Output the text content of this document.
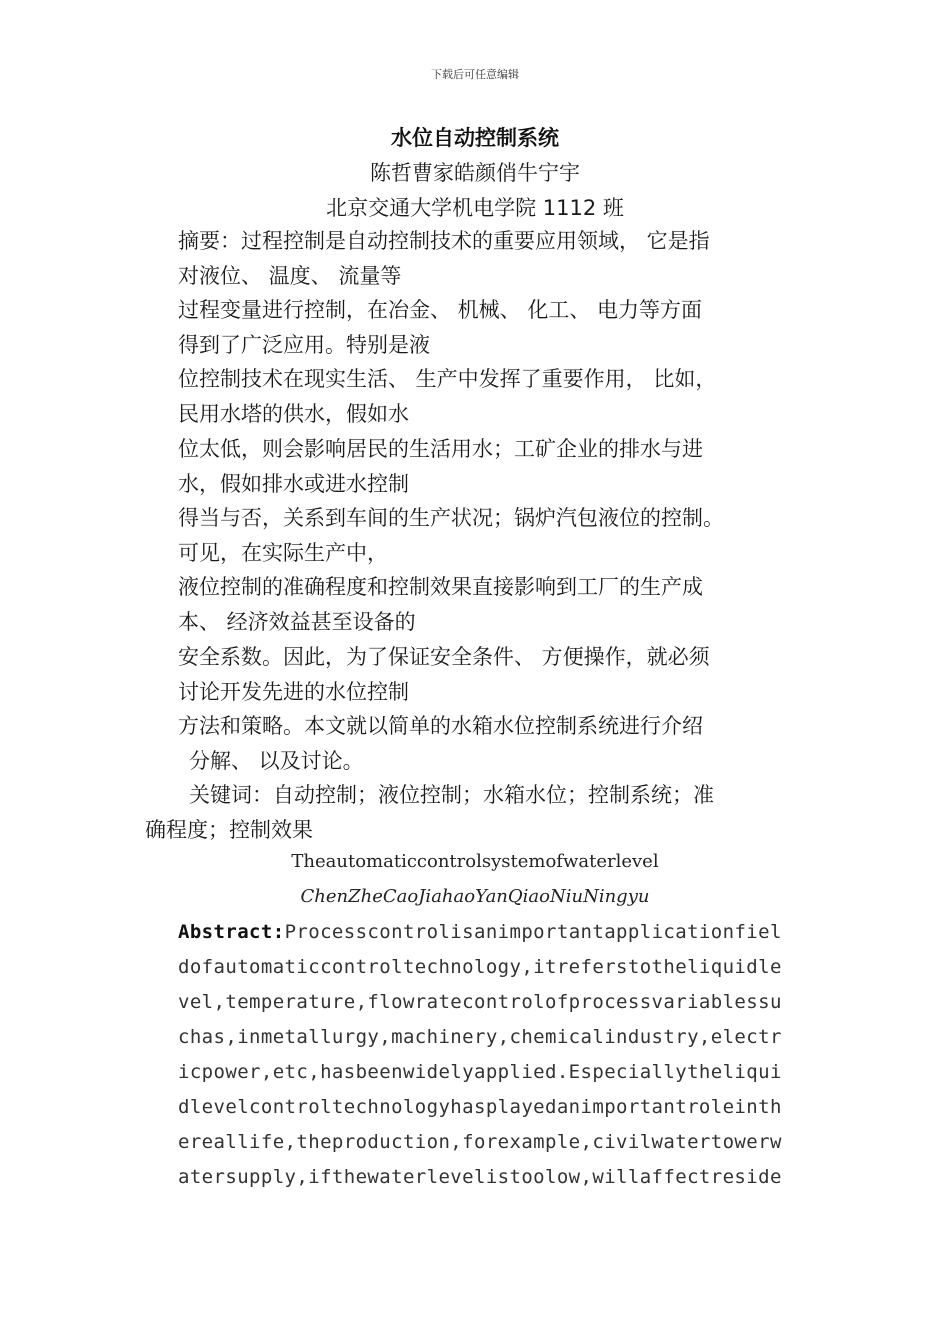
下载后可任意编辑
水位自动控制系统
陈哲曹家皓颜俏牛宁宇
北京交通大学机电学院 1112 班
摘要：过程控制是自动控制技术的重要应用领域， 它是指
对液位、 温度、 流量等
过程变量进行控制，在冶金、 机械、 化工、 电力等方面
得到了广泛应用。特别是液
位控制技术在现实生活、 生产中发挥了重要作用， 比如，
民用水塔的供水，假如水
位太低，则会影响居民的生活用水；工矿企业的排水与进
水，假如排水或进水控制
得当与否，关系到车间的生产状况；锅炉汽包液位的控制。
可见，在实际生产中，
液位控制的准确程度和控制效果直接影响到工厂的生产成
本、 经济效益甚至设备的
安全系数。因此，为了保证安全条件、 方便操作，就必须
讨论开发先进的水位控制
方法和策略。本文就以简单的水箱水位控制系统进行介绍
分解、 以及讨论。
关键词：自动控制；液位控制；水箱水位；控制系统；准
确程度；控制效果
Theautomaticcontrolsystemofwaterlevel
ChenZheCaoJiahaoYanQiaoNiuNingyu
Abstract:Processcontrolisanimportantapplicationfiel
dofautomaticcontroltechnology,itreferstotheliquidle
vel,temperature,flowratecontrolofprocessvariablessu
chas,inmetallurgy,machinery,chemicalindustry,electr
icpower,etc,hasbeenwidelyapplied.Especiallytheliqui
dlevelcontroltechnologyhasplayedanimportantroleinth
ereallife,theproduction,forexample,civilwatertowerw
atersupply,ifthewaterlevelistoolow,willaffectreside
